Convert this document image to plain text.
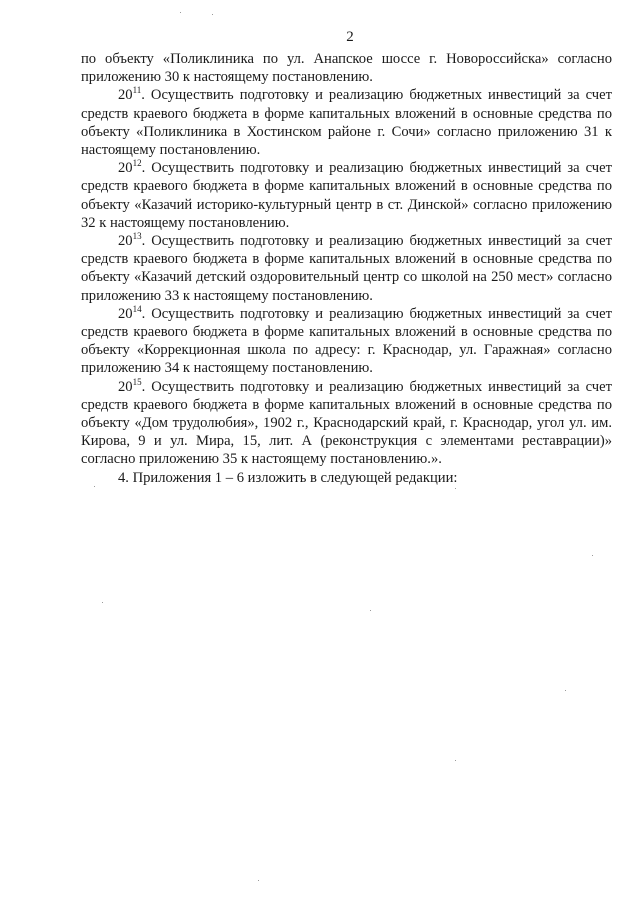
2

по объекту «Поликлиника по ул. Анапское шоссе г. Новороссийска» согласно приложению 30 к настоящему постановлению.

$20^{11}$. Осуществить подготовку и реализацию бюджетных инвестиций за счет средств краевого бюджета в форме капитальных вложений в основные средства по объекту «Поликлиника в Хостинском районе г. Сочи» согласно приложению 31 к настоящему постановлению.

$20^{12}$. Осуществить подготовку и реализацию бюджетных инвестиций за счет средств краевого бюджета в форме капитальных вложений в основные средства по объекту «Казачий историко-культурный центр в ст. Динской» согласно приложению 32 к настоящему постановлению.

$20^{13}$. Осуществить подготовку и реализацию бюджетных инвестиций за счет средств краевого бюджета в форме капитальных вложений в основные средства по объекту «Казачий детский оздоровительный центр со школой на 250 мест» согласно приложению 33 к настоящему постановлению.

$20^{14}$. Осуществить подготовку и реализацию бюджетных инвестиций за счет средств краевого бюджета в форме капитальных вложений в основные средства по объекту «Коррекционная школа по адресу: г. Краснодар, ул. Гаражная» согласно приложению 34 к настоящему постановлению.

$20^{15}$. Осуществить подготовку и реализацию бюджетных инвестиций за счет средств краевого бюджета в форме капитальных вложений в основные средства по объекту «Дом трудолюбия», 1902 г., Краснодарский край, г. Краснодар, угол ул. им. Кирова, 9 и ул. Мира, 15, лит. А (реконструкция с элементами реставрации)» согласно приложению 35 к настоящему постановлению.».

4. Приложения 1 – 6 изложить в следующей редакции:
